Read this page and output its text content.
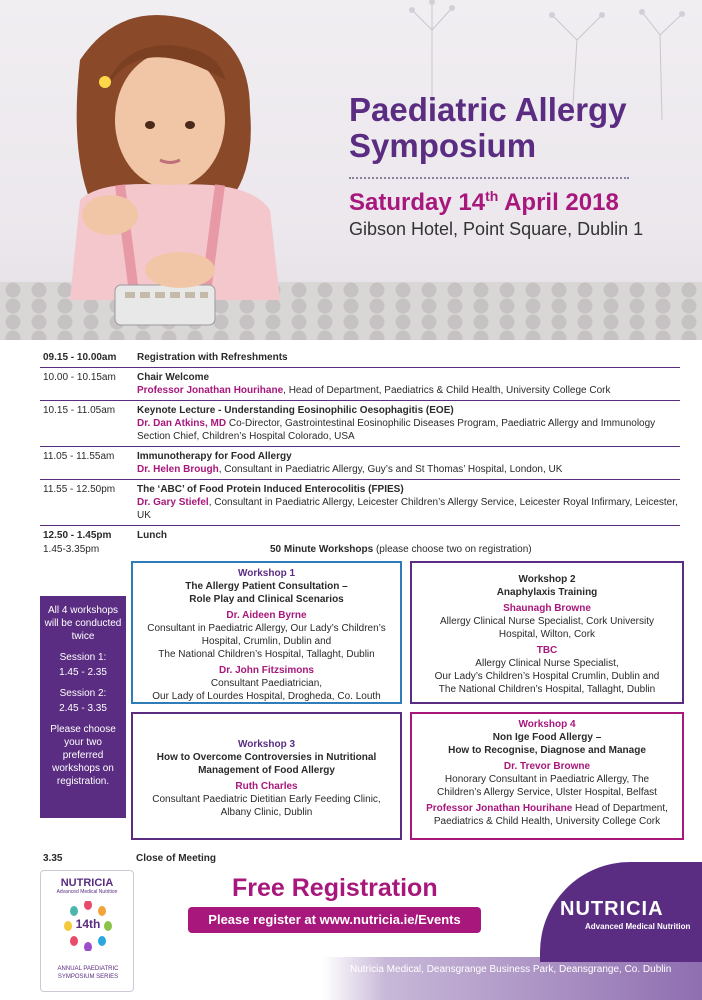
Paediatric Allergy
Symposium
Saturday 14th April 2018
Gibson Hotel, Point Square, Dublin 1
09.15 - 10.00am	Registration with Refreshments
10.00 - 10.15am	Chair Welcome
Professor Jonathan Hourihane, Head of Department, Paediatrics & Child Health, University College Cork
10.15 - 11.05am	Keynote Lecture - Understanding Eosinophilic Oesophagitis (EOE)
Dr. Dan Atkins, MD Co-Director, Gastrointestinal Eosinophilic Diseases Program, Paediatric Allergy and Immunology Section Chief, Children’s Hospital Colorado, USA
11.05 - 11.55am	Immunotherapy for Food Allergy
Dr. Helen Brough, Consultant in Paediatric Allergy, Guy’s and St Thomas’ Hospital, London, UK
11.55 - 12.50pm	The ‘ABC’ of Food Protein Induced Enterocolitis (FPIES)
Dr. Gary Stiefel, Consultant in Paediatric Allergy, Leicester Children’s Allergy Service, Leicester Royal Infirmary, Leicester, UK
12.50 - 1.45pm	Lunch
1.45-3.35pm	50 Minute Workshops (please choose two on registration)

All 4 workshops will be conducted twice

Session 1:
1.45 - 2.35
Session 2:
2.45 - 3.35

Please choose your two preferred workshops on registration.

Workshop 1
The Allergy Patient Consultation –
Role Play and Clinical Scenarios
Dr. Aideen Byrne
Consultant in Paediatric Allergy, Our Lady’s Children’s
Hospital, Crumlin, Dublin and
The National Children’s Hospital, Tallaght, Dublin
Dr. John Fitzsimons
Consultant Paediatrician,
Our Lady of Lourdes Hospital, Drogheda, Co. Louth
Workshop 2
Anaphylaxis Training
Shaunagh Browne
Allergy Clinical Nurse Specialist, Cork University
Hospital, Wilton, Cork
TBC
Allergy Clinical Nurse Specialist,
Our Lady’s Children’s Hospital Crumlin, Dublin and
The National Children’s Hospital, Tallaght, Dublin
Workshop 3
How to Overcome Controversies in Nutritional
Management of Food Allergy
Ruth Charles
Consultant Paediatric Dietitian Early Feeding Clinic,
Albany Clinic, Dublin
Workshop 4
Non Ige Food Allergy –
How to Recognise, Diagnose and Manage
Dr. Trevor Browne
Honorary Consultant in Paediatric Allergy, The
Children’s Allergy Service, Ulster Hospital, Belfast
Professor Jonathan Hourihane Head of Department,
Paediatrics & Child Health, University College Cork
3.35	Close of Meeting
Nutricia Medical, Deansgrange Business Park, Deansgrange, Co. Dublin
NUTRICIA
Advanced Medical Nutrition
14th
ANNUAL PAEDIATRIC
SYMPOSIUM SERIES
Free Registration
Please register at www.nutricia.ie/Events	NUTRICIA
Advanced Medical Nutrition
